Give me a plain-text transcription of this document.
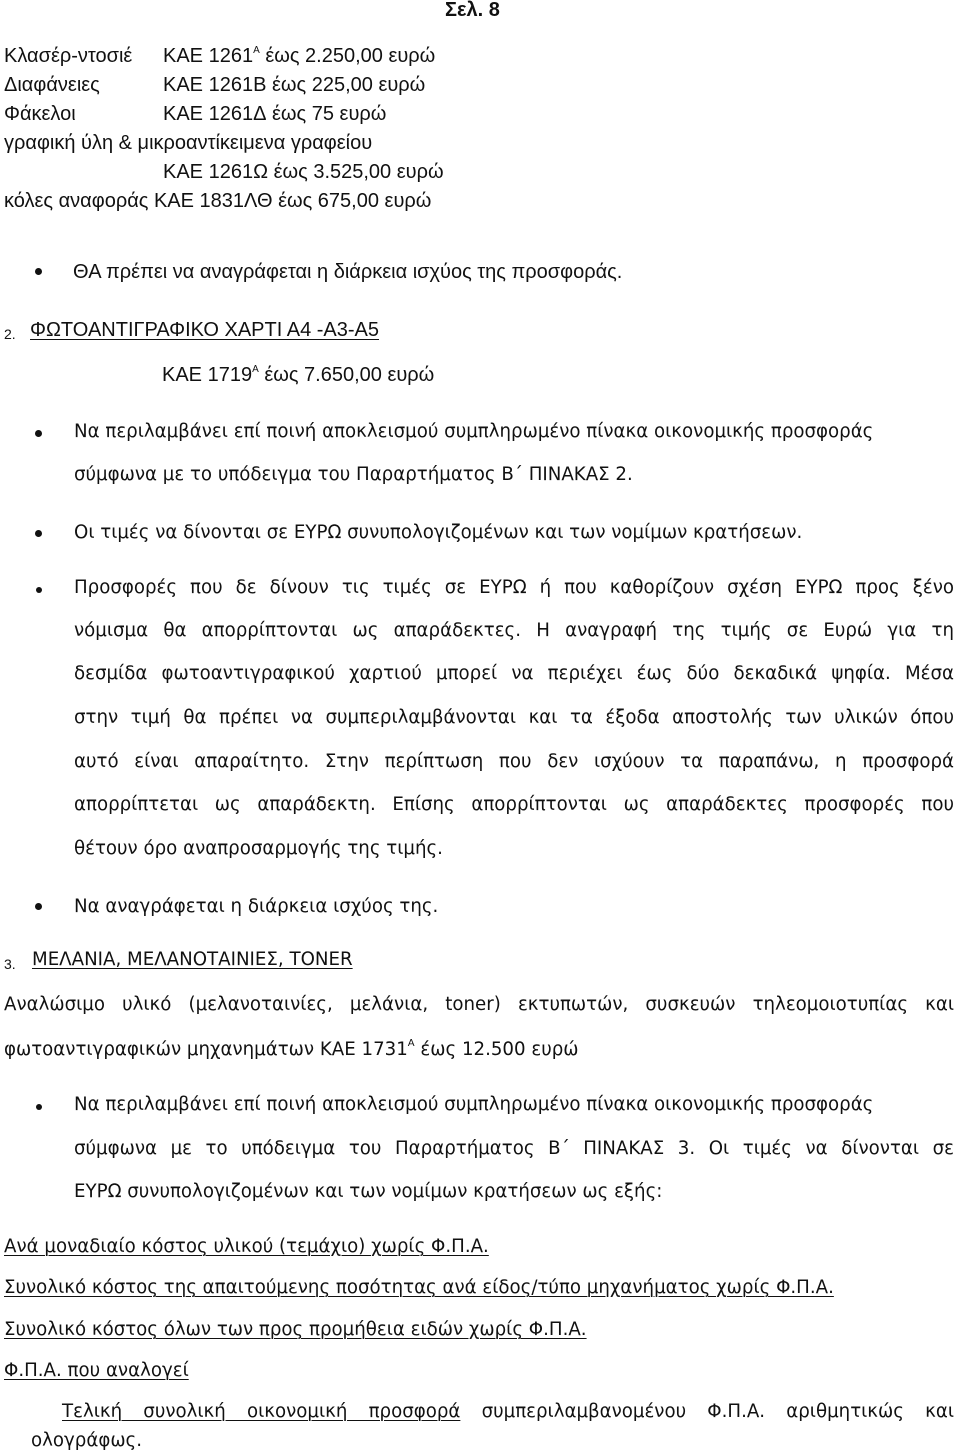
Σελ. 8
Κλασέρ-ντοσιέ ΚΑΕ $1261^A$ έως 2.250,00 ευρώ
Διαφάνειες	ΚΑΕ 1261Β έως 225,00 ευρώ
Φάκελοι	ΚΑΕ 1261Δ έως 75 ευρώ
γραφική ύλη & μικροαντίκειμενα γραφείου
ΚΑΕ 1261Ω έως 3.525,00 ευρώ
κόλες αναφοράς ΚΑΕ 1831ΛΘ έως 675,00 ευρώ
ΘΑ πρέπει να αναγράφεται η διάρκεια ισχύος της προσφοράς.
2. ΦΩΤΟΑΝΤΙΓΡΑΦΙΚΟ ΧΑΡΤΙ Α4 -Α3-Α5
ΚΑΕ $1719^A$ έως 7.650,00 ευρώ
Να περιλαμβάνει επί ποινή αποκλεισμού συμπληρωμένο πίνακα οικονομικής προσφοράς
σύμφωνα με το υπόδειγμα του Παραρτήματος Β΄ ΠΙΝΑΚΑΣ 2.
Οι τιμές να δίνονται σε ΕΥΡΩ συνυπολογιζομένων και των νομίμων κρατήσεων.
Προσφορές που δε δίνουν τις τιμές σε ΕΥΡΩ ή που καθορίζουν σχέση ΕΥΡΩ προς ξένο
νόμισμα θα απορρίπτονται ως απαράδεκτες. Η αναγραφή της τιμής σε Ευρώ για τη
δεσμίδα φωτοαντιγραφικού χαρτιού μπορεί να περιέχει έως δύο δεκαδικά ψηφία. Μέσα
στην τιμή θα πρέπει να συμπεριλαμβάνονται και τα έξοδα αποστολής των υλικών όπου
αυτό είναι απαραίτητο. Στην περίπτωση που δεν ισχύουν τα παραπάνω, η προσφορά
απορρίπτεται ως απαράδεκτη. Επίσης απορρίπτονται ως απαράδεκτες προσφορές που
θέτουν όρο αναπροσαρμογής της τιμής.
Να αναγράφεται η διάρκεια ισχύος της.
3. ΜΕΛΑΝΙΑ, ΜΕΛΑΝΟΤΑΙΝΙΕΣ, TONER
Αναλώσιμο υλικό (μελανοταινίες, μελάνια, toner) εκτυπωτών, συσκευών τηλεομοιοτυπίας και
φωτοαντιγραφικών μηχανημάτων ΚΑΕ $1731^A$ έως 12.500 ευρώ
Να περιλαμβάνει επί ποινή αποκλεισμού συμπληρωμένο πίνακα οικονομικής προσφοράς
σύμφωνα με το υπόδειγμα του Παραρτήματος Β΄ ΠΙΝΑΚΑΣ 3. Οι τιμές να δίνονται σε
ΕΥΡΩ συνυπολογιζομένων και των νομίμων κρατήσεων ως εξής:
Ανά μοναδιαίο κόστος υλικού (τεμάχιο) χωρίς Φ.Π.Α.
Συνολικό κόστος της απαιτούμενης ποσότητας ανά είδος/τύπο μηχανήματος χωρίς Φ.Π.Α.
Συνολικό κόστος όλων των προς προμήθεια ειδών χωρίς Φ.Π.Α.
Φ.Π.Α. που αναλογεί
Τελική συνολική οικονομική προσφορά συμπεριλαμβανομένου Φ.Π.Α. αριθμητικώς και
ολογράφως.
